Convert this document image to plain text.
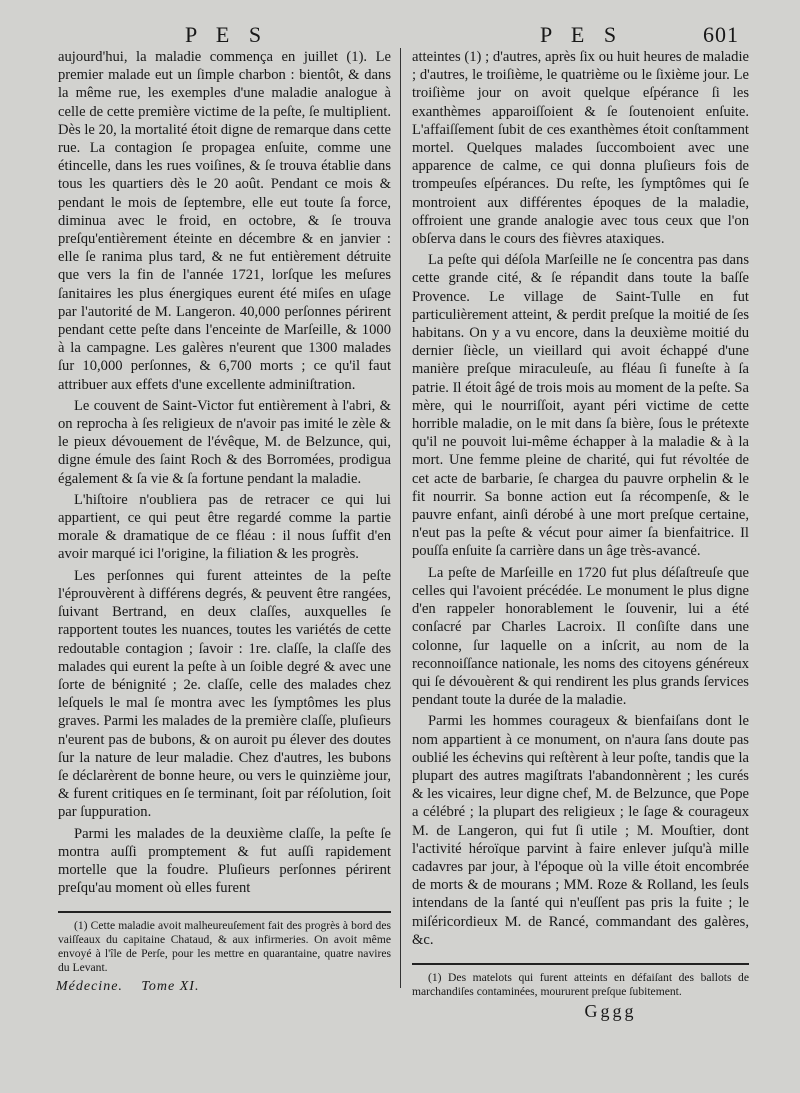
P E S	P E S	601

aujourd'hui, la maladie commença en juillet (1). Le premier malade eut un ſimple charbon : bientôt, & dans la même rue, les exemples d'une maladie analogue à celle de cette première victime de la peſte, ſe multiplient. Dès le 20, la mortalité étoit digne de remarque dans cette rue. La contagion ſe propagea enſuite, comme une étincelle, dans les rues voiſines, & ſe trouva établie dans tous les quartiers dès le 20 août. Pendant ce mois & pendant le mois de ſeptembre, elle eut toute ſa force, diminua avec le froid, en octobre, & ſe trouva preſqu'entièrement éteinte en décembre & en janvier : elle ſe ranima plus tard, & ne fut entièrement détruite que vers la fin de l'année 1721, lorſque les meſures ſanitaires les plus énergiques eurent été miſes en uſage par l'autorité de M. Langeron. 40,000 perſonnes périrent pendant cette peſte dans l'enceinte de Marſeille, & 1000 à la campagne. Les galères n'eurent que 1300 malades ſur 10,000 perſonnes, & 6,700 morts ; ce qu'il faut attribuer aux effets d'une excellente adminiſtration.

Le couvent de Saint-Victor fut entièrement à l'abri, & on reprocha à ſes religieux de n'avoir pas imité le zèle & le pieux dévouement de l'évêque, M. de Belzunce, qui, digne émule des ſaint Roch & des Borromées, prodigua également & ſa vie & ſa fortune pendant la maladie.

L'hiſtoire n'oubliera pas de retracer ce qui lui appartient, ce qui peut être regardé comme la partie morale & dramatique de ce fléau : il nous ſuffit d'en avoir marqué ici l'origine, la filiation & les progrès.

Les perſonnes qui furent atteintes de la peſte l'éprouvèrent à différens degrés, & peuvent être rangées, ſuivant Bertrand, en deux claſſes, auxquelles ſe rapportent toutes les nuances, toutes les variétés de cette redoutable contagion ; ſavoir : 1re. claſſe, la claſſe des malades qui eurent la peſte à un ſoible degré & avec une ſorte de bénignité ; 2e. claſſe, celle des malades chez leſquels le mal ſe montra avec les ſymptômes les plus graves. Parmi les malades de la première claſſe, pluſieurs n'eurent pas de bubons, & on auroit pu élever des doutes ſur la nature de leur maladie. Chez d'autres, les bubons ſe déclarèrent de bonne heure, ou vers le quinzième jour, & furent critiques en ſe terminant, ſoit par réſolution, ſoit par ſuppuration.

Parmi les malades de la deuxième claſſe, la peſte ſe montra auſſi promptement & fut auſſi rapidement mortelle que la foudre. Pluſieurs perſonnes périrent preſqu'au moment où elles furent

(1) Cette maladie avoit malheureuſement fait des progrès à bord des vaiſſeaux du capitaine Chataud, & aux infirmeries. On avoit même envoyé à l'île de Perſe, pour les mettre en quarantaine, quatre navires du Levant.

Médecine. Tome XI.

atteintes (1) ; d'autres, après ſix ou huit heures de maladie ; d'autres, le troiſième, le quatrième ou le ſixième jour. Le troiſième jour on avoit quelque eſpérance ſi les exanthèmes apparoiſſoient & ſe ſoutenoient enſuite. L'affaiſſement ſubit de ces exanthèmes étoit conſtamment mortel. Quelques malades ſuccomboient avec une apparence de calme, ce qui donna pluſieurs fois de trompeuſes eſpérances. Du reſte, les ſymptômes qui ſe montroient aux différentes époques de la maladie, offroient une grande analogie avec tous ceux que l'on obſerva dans le cours des fièvres ataxiques.

La peſte qui déſola Marſeille ne ſe concentra pas dans cette grande cité, & ſe répandit dans toute la baſſe Provence. Le village de Saint-Tulle en fut particulièrement atteint, & perdit preſque la moitié de ſes habitans. On y a vu encore, dans la deuxième moitié du dernier ſiècle, un vieillard qui avoit échappé d'une manière preſque miraculeuſe, au fléau ſi funeſte à ſa patrie. Il étoit âgé de trois mois au moment de la peſte. Sa mère, qui le nourriſſoit, ayant péri victime de cette horrible maladie, on le mit dans ſa bière, ſous le prétexte qu'il ne pouvoit lui-même échapper à la maladie & à la mort. Une femme pleine de charité, qui fut révoltée de cet acte de barbarie, ſe chargea du pauvre orphelin & le fit nourrir. Sa bonne action eut ſa récompenſe, & le pauvre enfant, ainſi dérobé à une mort preſque certaine, n'eut pas la peſte & vécut pour aimer ſa bienfaitrice. Il pouſſa enſuite ſa carrière dans un âge très-avancé.

La peſte de Marſeille en 1720 fut plus déſaſtreuſe que celles qui l'avoient précédée. Le monument le plus digne d'en rappeler honorablement le ſouvenir, lui a été conſacré par Charles Lacroix. Il conſiſte dans une colonne, ſur laquelle on a inſcrit, au nom de la reconnoiſſance nationale, les noms des citoyens généreux qui ſe dévouèrent & qui rendirent les plus grands ſervices pendant toute la durée de la maladie.

Parmi les hommes courageux & bienfaiſans dont le nom appartient à ce monument, on n'aura ſans doute pas oublié les échevins qui reſtèrent à leur poſte, tandis que la plupart des autres magiſtrats l'abandonnèrent ; les curés & les vicaires, leur digne chef, M. de Belzunce, que Pope a célébré ; la plupart des religieux ; le ſage & courageux M. de Langeron, qui fut ſi utile ; M. Mouſtier, dont l'activité héroïque parvint à faire enlever juſqu'à mille cadavres par jour, à l'époque où la ville étoit encombrée de morts & de mourans ; MM. Roze & Rolland, les ſeuls intendans de la ſanté qui n'euſſent pas pris la fuite ; le miſéricordieux M. de Rancé, commandant des galères, &c.

(1) Des matelots qui furent atteints en défaiſant des ballots de marchandiſes contaminées, moururent preſque ſubitement.

Gggg
